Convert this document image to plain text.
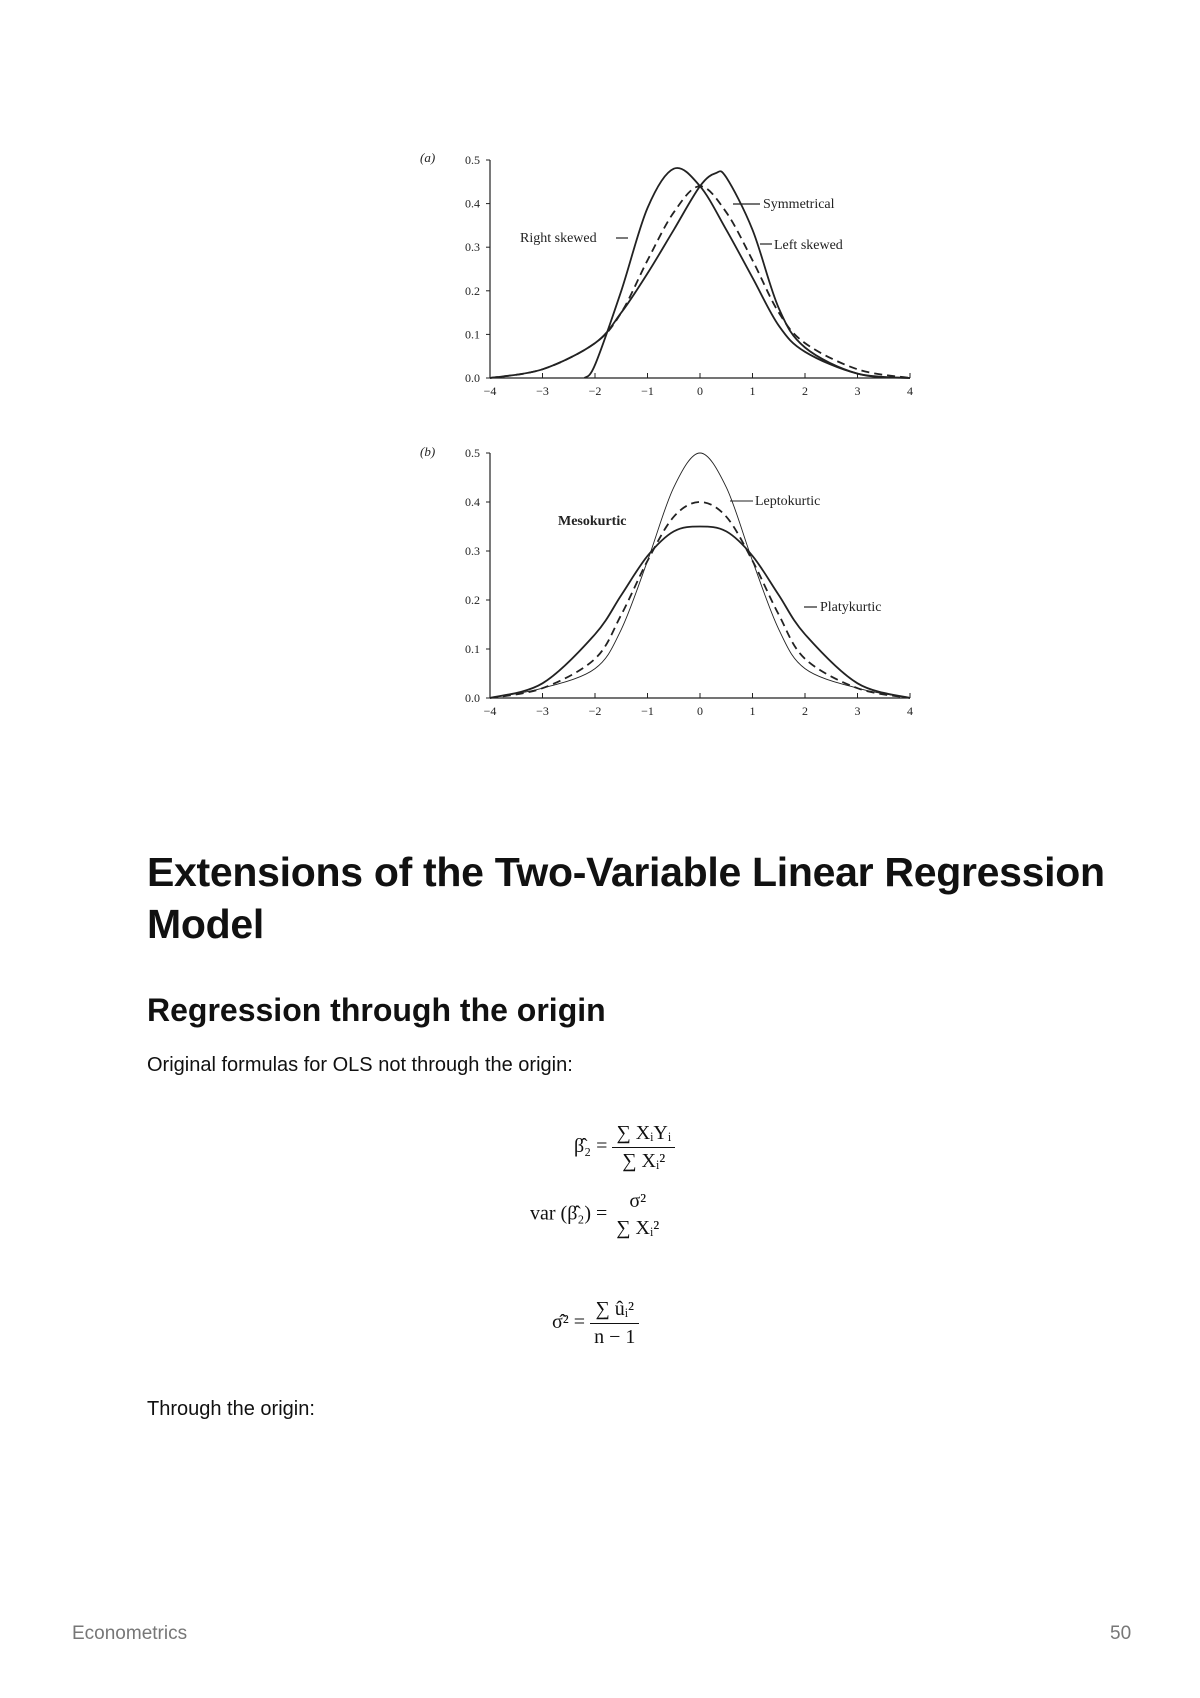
0.0
0.1
0.2
0.3
0.4
0.5
−4	−3	−2	−1	0	1	2	3	4
0.0
0.1
0.2
0.3
0.4
0.5
−4	−3	−2	−1	0	1	2	3	4
(a)
(b)
Symmetrical
Right skewed	Left skewed
Leptokurtic
Mesokurtic
Platykurtic
Extensions of the Two-Variable Linear Regression Model
Regression through the origin

Original formulas for OLS not through the origin:

β̂₂ = $\frac{\text{∑ XᵢYᵢ}}{\text{∑ Xᵢ²}}$
var (β̂₂) =
σ²
∑ Xᵢ²
σ̂² = $\frac{\text{∑ ûᵢ²}}{n - 1}$

Through the origin:

Econometrics	50
